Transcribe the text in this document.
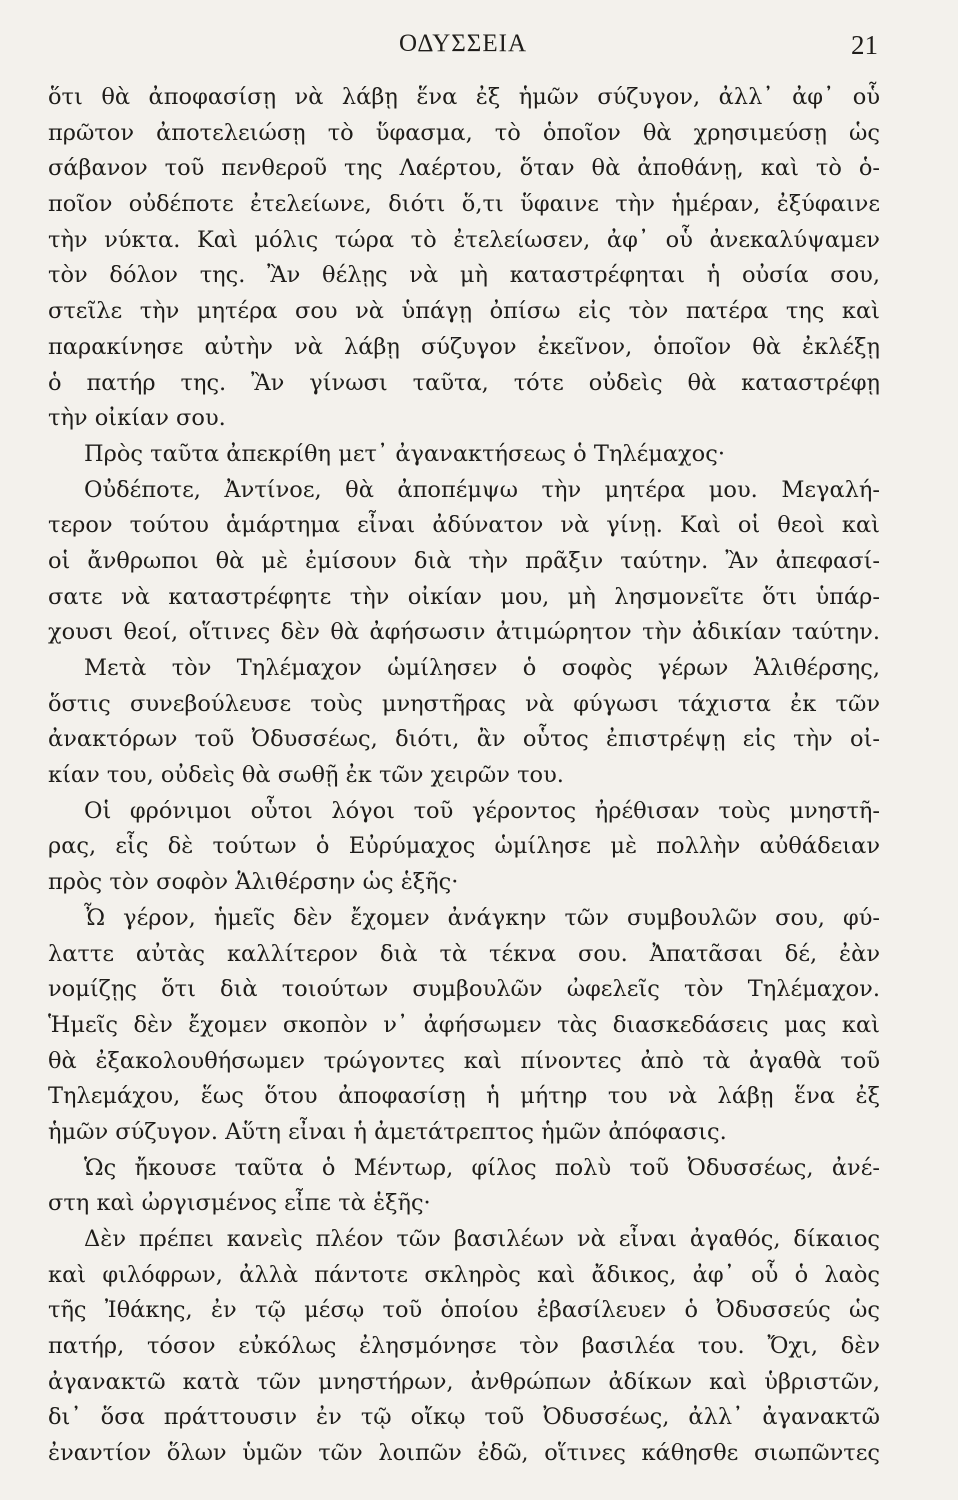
ΟΔΥΣΣΕΙΑ	21
ὅτι θὰ ἀποφασίσῃ νὰ λάβῃ ἕνα ἐξ ἡμῶν σύζυγον, ἀλλ᾽ ἀφ᾽ οὗ
πρῶτον ἀποτελειώσῃ τὸ ὕφασμα, τὸ ὁποῖον θὰ χρησιμεύσῃ ὡς
σάβανον τοῦ πενθεροῦ της Λαέρτου, ὅταν θὰ ἀποθάνῃ, καὶ τὸ ὁ-
ποῖον οὐδέποτε ἐτελείωνε, διότι ὅ,τι ὕφαινε τὴν ἡμέραν, ἐξύφαινε
τὴν νύκτα. Καὶ μόλις τώρα τὸ ἐτελείωσεν, ἀφ᾽ οὗ ἀνεκαλύψαμεν
τὸν δόλον της. Ἂν θέλῃς νὰ μὴ καταστρέφηται ἡ οὐσία σου,
στεῖλε τὴν μητέρα σου νὰ ὑπάγῃ ὀπίσω εἰς τὸν πατέρα της καὶ
παρακίνησε αὐτὴν νὰ λάβῃ σύζυγον ἐκεῖνον, ὁποῖον θὰ ἐκλέξῃ
ὁ πατήρ της. Ἂν γίνωσι ταῦτα, τότε οὐδεὶς θὰ καταστρέφῃ
τὴν οἰκίαν σου.
Πρὸς ταῦτα ἀπεκρίθη μετ᾽ ἀγανακτήσεως ὁ Τηλέμαχος·
Οὐδέποτε, Ἀντίνοε, θὰ ἀποπέμψω τὴν μητέρα μου. Μεγαλή-
τερον τούτου ἁμάρτημα εἶναι ἀδύνατον νὰ γίνῃ. Καὶ οἱ θεοὶ καὶ
οἱ ἄνθρωποι θὰ μὲ ἐμίσουν διὰ τὴν πρᾶξιν ταύτην. Ἂν ἀπεφασί-
σατε νὰ καταστρέφητε τὴν οἰκίαν μου, μὴ λησμονεῖτε ὅτι ὑπάρ-
χουσι θεοί, οἵτινες δὲν θὰ ἀφήσωσιν ἀτιμώρητον τὴν ἀδικίαν ταύτην.
Μετὰ τὸν Τηλέμαχον ὡμίλησεν ὁ σοφὸς γέρων Ἁλιθέρσης,
ὅστις συνεβούλευσε τοὺς μνηστῆρας νὰ φύγωσι τάχιστα ἐκ τῶν
ἀνακτόρων τοῦ Ὀδυσσέως, διότι, ἂν οὗτος ἐπιστρέψῃ εἰς τὴν οἰ-
κίαν του, οὐδεὶς θὰ σωθῇ ἐκ τῶν χειρῶν του.
Οἱ φρόνιμοι οὗτοι λόγοι τοῦ γέροντος ἠρέθισαν τοὺς μνηστῆ-
ρας, εἷς δὲ τούτων ὁ Εὐρύμαχος ὡμίλησε μὲ πολλὴν αὐθάδειαν
πρὸς τὸν σοφὸν Ἁλιθέρσην ὡς ἑξῆς·
Ὦ γέρον, ἡμεῖς δὲν ἔχομεν ἀνάγκην τῶν συμβουλῶν σου, φύ-
λαττε αὐτὰς καλλίτερον διὰ τὰ τέκνα σου. Ἀπατᾶσαι δέ, ἐὰν
νομίζῃς ὅτι διὰ τοιούτων συμβουλῶν ὠφελεῖς τὸν Τηλέμαχον.
Ἡμεῖς δὲν ἔχομεν σκοπὸν ν᾽ ἀφήσωμεν τὰς διασκεδάσεις μας καὶ
θὰ ἐξακολουθήσωμεν τρώγοντες καὶ πίνοντες ἀπὸ τὰ ἀγαθὰ τοῦ
Τηλεμάχου, ἕως ὅτου ἀποφασίσῃ ἡ μήτηρ του νὰ λάβῃ ἕνα ἐξ
ἡμῶν σύζυγον. Αὕτη εἶναι ἡ ἀμετάτρεπτος ἡμῶν ἀπόφασις.
Ὡς ἤκουσε ταῦτα ὁ Μέντωρ, φίλος πολὺ τοῦ Ὀδυσσέως, ἀνέ-
στη καὶ ὠργισμένος εἶπε τὰ ἑξῆς·
Δὲν πρέπει κανεὶς πλέον τῶν βασιλέων νὰ εἶναι ἀγαθός, δίκαιος
καὶ φιλόφρων, ἀλλὰ πάντοτε σκληρὸς καὶ ἄδικος, ἀφ᾽ οὗ ὁ λαὸς
τῆς Ἰθάκης, ἐν τῷ μέσῳ τοῦ ὁποίου ἐβασίλευεν ὁ Ὀδυσσεύς ὡς
πατήρ, τόσον εὐκόλως ἐλησμόνησε τὸν βασιλέα του. Ὄχι, δὲν
ἀγανακτῶ κατὰ τῶν μνηστήρων, ἀνθρώπων ἀδίκων καὶ ὑβριστῶν,
δι᾽ ὅσα πράττουσιν ἐν τῷ οἴκῳ τοῦ Ὀδυσσέως, ἀλλ᾽ ἀγανακτῶ
ἐναντίον ὅλων ὑμῶν τῶν λοιπῶν ἐδῶ, οἵτινες κάθησθε σιωπῶντες
